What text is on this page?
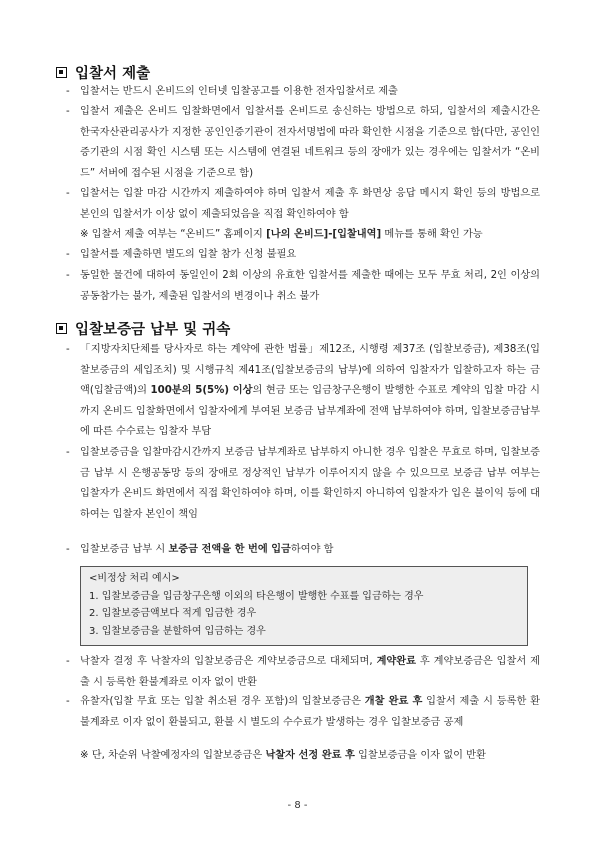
입찰서 제출
- 입찰서는 반드시 온비드의 인터넷 입찰공고를 이용한 전자입찰서로 제출
- 입찰서 제출은 온비드 입찰화면에서 입찰서를 온비드로 송신하는 방법으로 하되, 입찰서의 제출시간은 한국자산관리공사가 지정한 공인인증기관이 전자서명법에 따라 확인한 시점을 기준으로 함(다만, 공인인증기관의 시점 확인 시스템 또는 시스템에 연결된 네트워크 등의 장애가 있는 경우에는 입찰서가 “온비드” 서버에 접수된 시점을 기준으로 함)
- 입찰서는 입찰 마감 시간까지 제출하여야 하며 입찰서 제출 후 화면상 응답 메시지 확인 등의 방법으로 본인의 입찰서가 이상 없이 제출되었음을 직접 확인하여야 함
※ 입찰서 제출 여부는 “온비드” 홈페이지 [나의 온비드]-[입찰내역] 메뉴를 통해 확인 가능
- 입찰서를 제출하면 별도의 입찰 참가 신청 불필요
- 동일한 물건에 대하여 동일인이 2회 이상의 유효한 입찰서를 제출한 때에는 모두 무효 처리, 2인 이상의 공동참가는 불가, 제출된 입찰서의 변경이나 취소 불가
입찰보증금 납부 및 귀속
- 「지방자치단체를 당사자로 하는 계약에 관한 법률」제12조, 시행령 제37조 (입찰보증금), 제38조(입찰보증금의 세입조치) 및 시행규칙 제41조(입찰보증금의 납부)에 의하여 입찰자가 입찰하고자 하는 금액(입찰금액)의 100분의 5(5%) 이상의 현금 또는 입금창구은행이 발행한 수표로 계약의 입찰 마감 시까지 온비드 입찰화면에서 입찰자에게 부여된 보증금 납부계좌에 전액 납부하여야 하며, 입찰보증금납부에 따른 수수료는 입찰자 부담
- 입찰보증금을 입찰마감시간까지 보증금 납부계좌로 납부하지 아니한 경우 입찰은 무효로 하며, 입찰보증금 납부 시 은행공동망 등의 장애로 정상적인 납부가 이루어지지 않을 수 있으므로 보증금 납부 여부는 입찰자가 온비드 화면에서 직접 확인하여야 하며, 이를 확인하지 아니하여 입찰자가 입은 불이익 등에 대하여는 입찰자 본인이 책임
- 입찰보증금 납부 시 보증금 전액을 한 번에 입금하여야 함
<비정상 처리 예시>
1. 입찰보증금을 입금창구은행 이외의 타은행이 발행한 수표를 입금하는 경우
2. 입찰보증금액보다 적게 입금한 경우
3. 입찰보증금을 분할하여 입금하는 경우
- 낙찰자 결정 후 낙찰자의 입찰보증금은 계약보증금으로 대체되며, 계약완료 후 계약보증금은 입찰서 제출 시 등록한 환불계좌로 이자 없이 반환
- 유찰자(입찰 무효 또는 입찰 취소된 경우 포함)의 입찰보증금은 개찰 완료 후 입찰서 제출 시 등록한 환불계좌로 이자 없이 환불되고, 환불 시 별도의 수수료가 발생하는 경우 입찰보증금 공제
※ 단, 차순위 낙찰예정자의 입찰보증금은 낙찰자 선정 완료 후 입찰보증금을 이자 없이 반환
- 8 -
